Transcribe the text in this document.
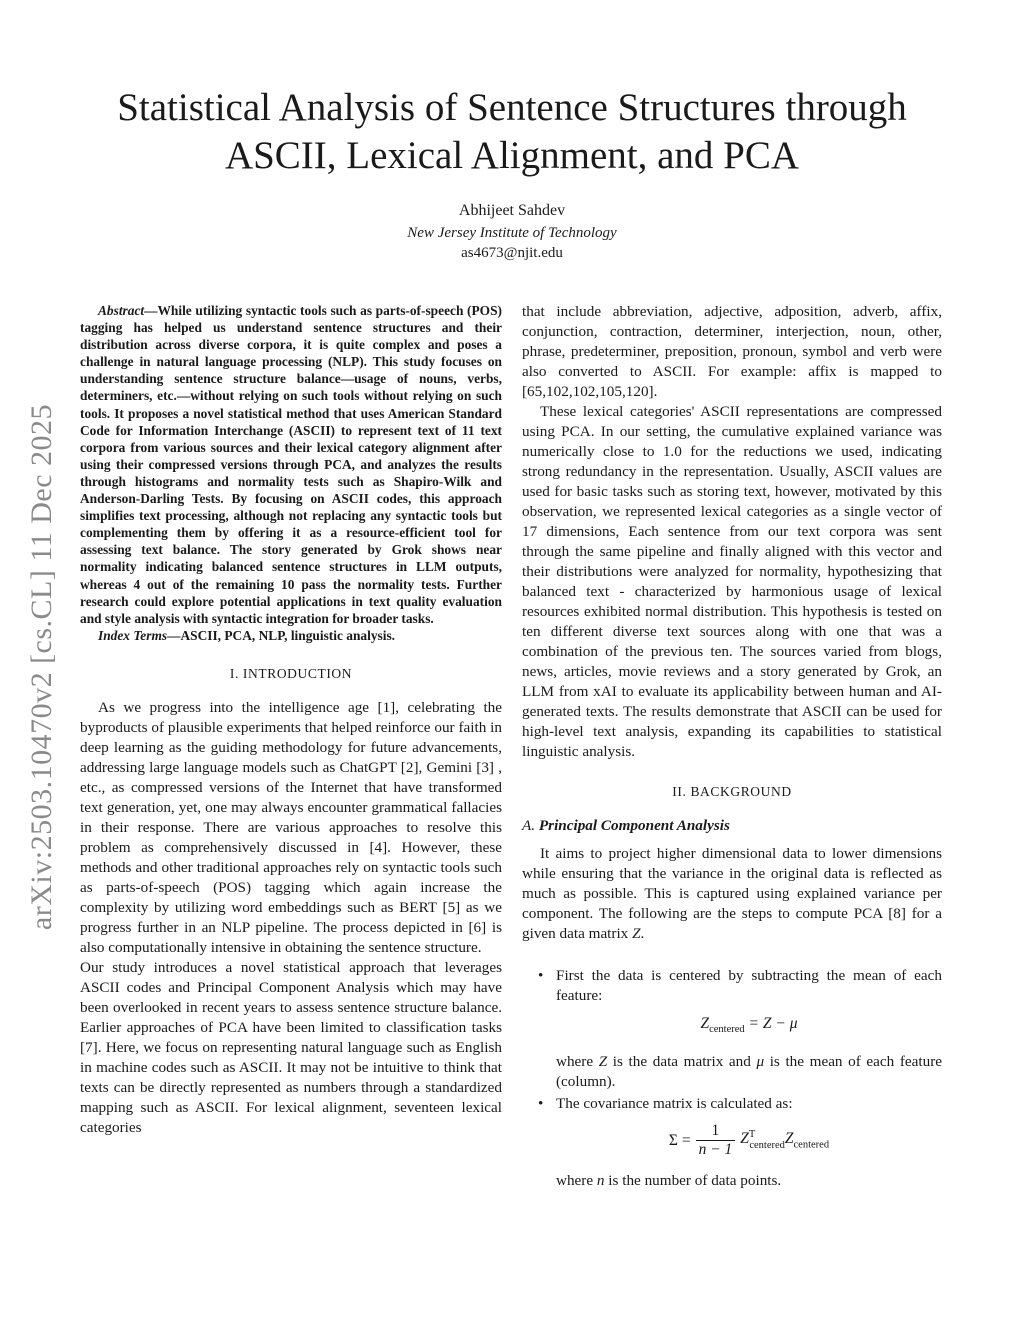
arXiv:2503.10470v2 [cs.CL] 11 Dec 2025
Statistical Analysis of Sentence Structures through ASCII, Lexical Alignment, and PCA
Abhijeet Sahdev
New Jersey Institute of Technology
as4673@njit.edu

Abstract—While utilizing syntactic tools such as parts-of-speech (POS) tagging has helped us understand sentence structures and their distribution across diverse corpora, it is quite complex and poses a challenge in natural language processing (NLP). This study focuses on understanding sentence structure balance—usage of nouns, verbs, determiners, etc.—without relying on such tools without relying on such tools. It proposes a novel statistical method that uses American Standard Code for Information Interchange (ASCII) to represent text of 11 text corpora from various sources and their lexical category alignment after using their compressed versions through PCA, and analyzes the results through histograms and normality tests such as Shapiro-Wilk and Anderson-Darling Tests. By focusing on ASCII codes, this approach simplifies text processing, although not replacing any syntactic tools but complementing them by offering it as a resource-efficient tool for assessing text balance. The story generated by Grok shows near normality indicating balanced sentence structures in LLM outputs, whereas 4 out of the remaining 10 pass the normality tests. Further research could explore potential applications in text quality evaluation and style analysis with syntactic integration for broader tasks.

Index Terms—ASCII, PCA, NLP, linguistic analysis.

I. INTRODUCTION

As we progress into the intelligence age [1], celebrating the byproducts of plausible experiments that helped reinforce our faith in deep learning as the guiding methodology for future advancements, addressing large language models such as ChatGPT [2], Gemini [3] , etc., as compressed versions of the Internet that have transformed text generation, yet, one may always encounter grammatical fallacies in their response. There are various approaches to resolve this problem as comprehensively discussed in [4]. However, these methods and other traditional approaches rely on syntactic tools such as parts-of-speech (POS) tagging which again increase the complexity by utilizing word embeddings such as BERT [5] as we progress further in an NLP pipeline. The process depicted in [6] is also computationally intensive in obtaining the sentence structure.

Our study introduces a novel statistical approach that leverages ASCII codes and Principal Component Analysis which may have been overlooked in recent years to assess sentence structure balance. Earlier approaches of PCA have been limited to classification tasks [7]. Here, we focus on representing natural language such as English in machine codes such as ASCII. It may not be intuitive to think that texts can be directly represented as numbers through a standardized mapping such as ASCII. For lexical alignment, seventeen lexical categories

that include abbreviation, adjective, adposition, adverb, affix, conjunction, contraction, determiner, interjection, noun, other, phrase, predeterminer, preposition, pronoun, symbol and verb were also converted to ASCII. For example: affix is mapped to [65,102,102,105,120].

These lexical categories' ASCII representations are compressed using PCA. In our setting, the cumulative explained variance was numerically close to 1.0 for the reductions we used, indicating strong redundancy in the representation. Usually, ASCII values are used for basic tasks such as storing text, however, motivated by this observation, we represented lexical categories as a single vector of 17 dimensions, Each sentence from our text corpora was sent through the same pipeline and finally aligned with this vector and their distributions were analyzed for normality, hypothesizing that balanced text - characterized by harmonious usage of lexical resources exhibited normal distribution. This hypothesis is tested on ten different diverse text sources along with one that was a combination of the previous ten. The sources varied from blogs, news, articles, movie reviews and a story generated by Grok, an LLM from xAI to evaluate its applicability between human and AI-generated texts. The results demonstrate that ASCII can be used for high-level text analysis, expanding its capabilities to statistical linguistic analysis.

II. BACKGROUND
A. Principal Component Analysis

It aims to project higher dimensional data to lower dimensions while ensuring that the variance in the original data is reflected as much as possible. This is captured using explained variance per component. The following are the steps to compute PCA [8] for a given data matrix Z.

• First the data is centered by subtracting the mean of each feature:
$Z_{centered} = Z - \mu$
where Z is the data matrix and μ is the mean of each feature (column).
• The covariance matrix is calculated as:
$\Sigma = \frac{1}{n - 1} Z^T_{centered}Z_{centered}$
where n is the number of data points.
